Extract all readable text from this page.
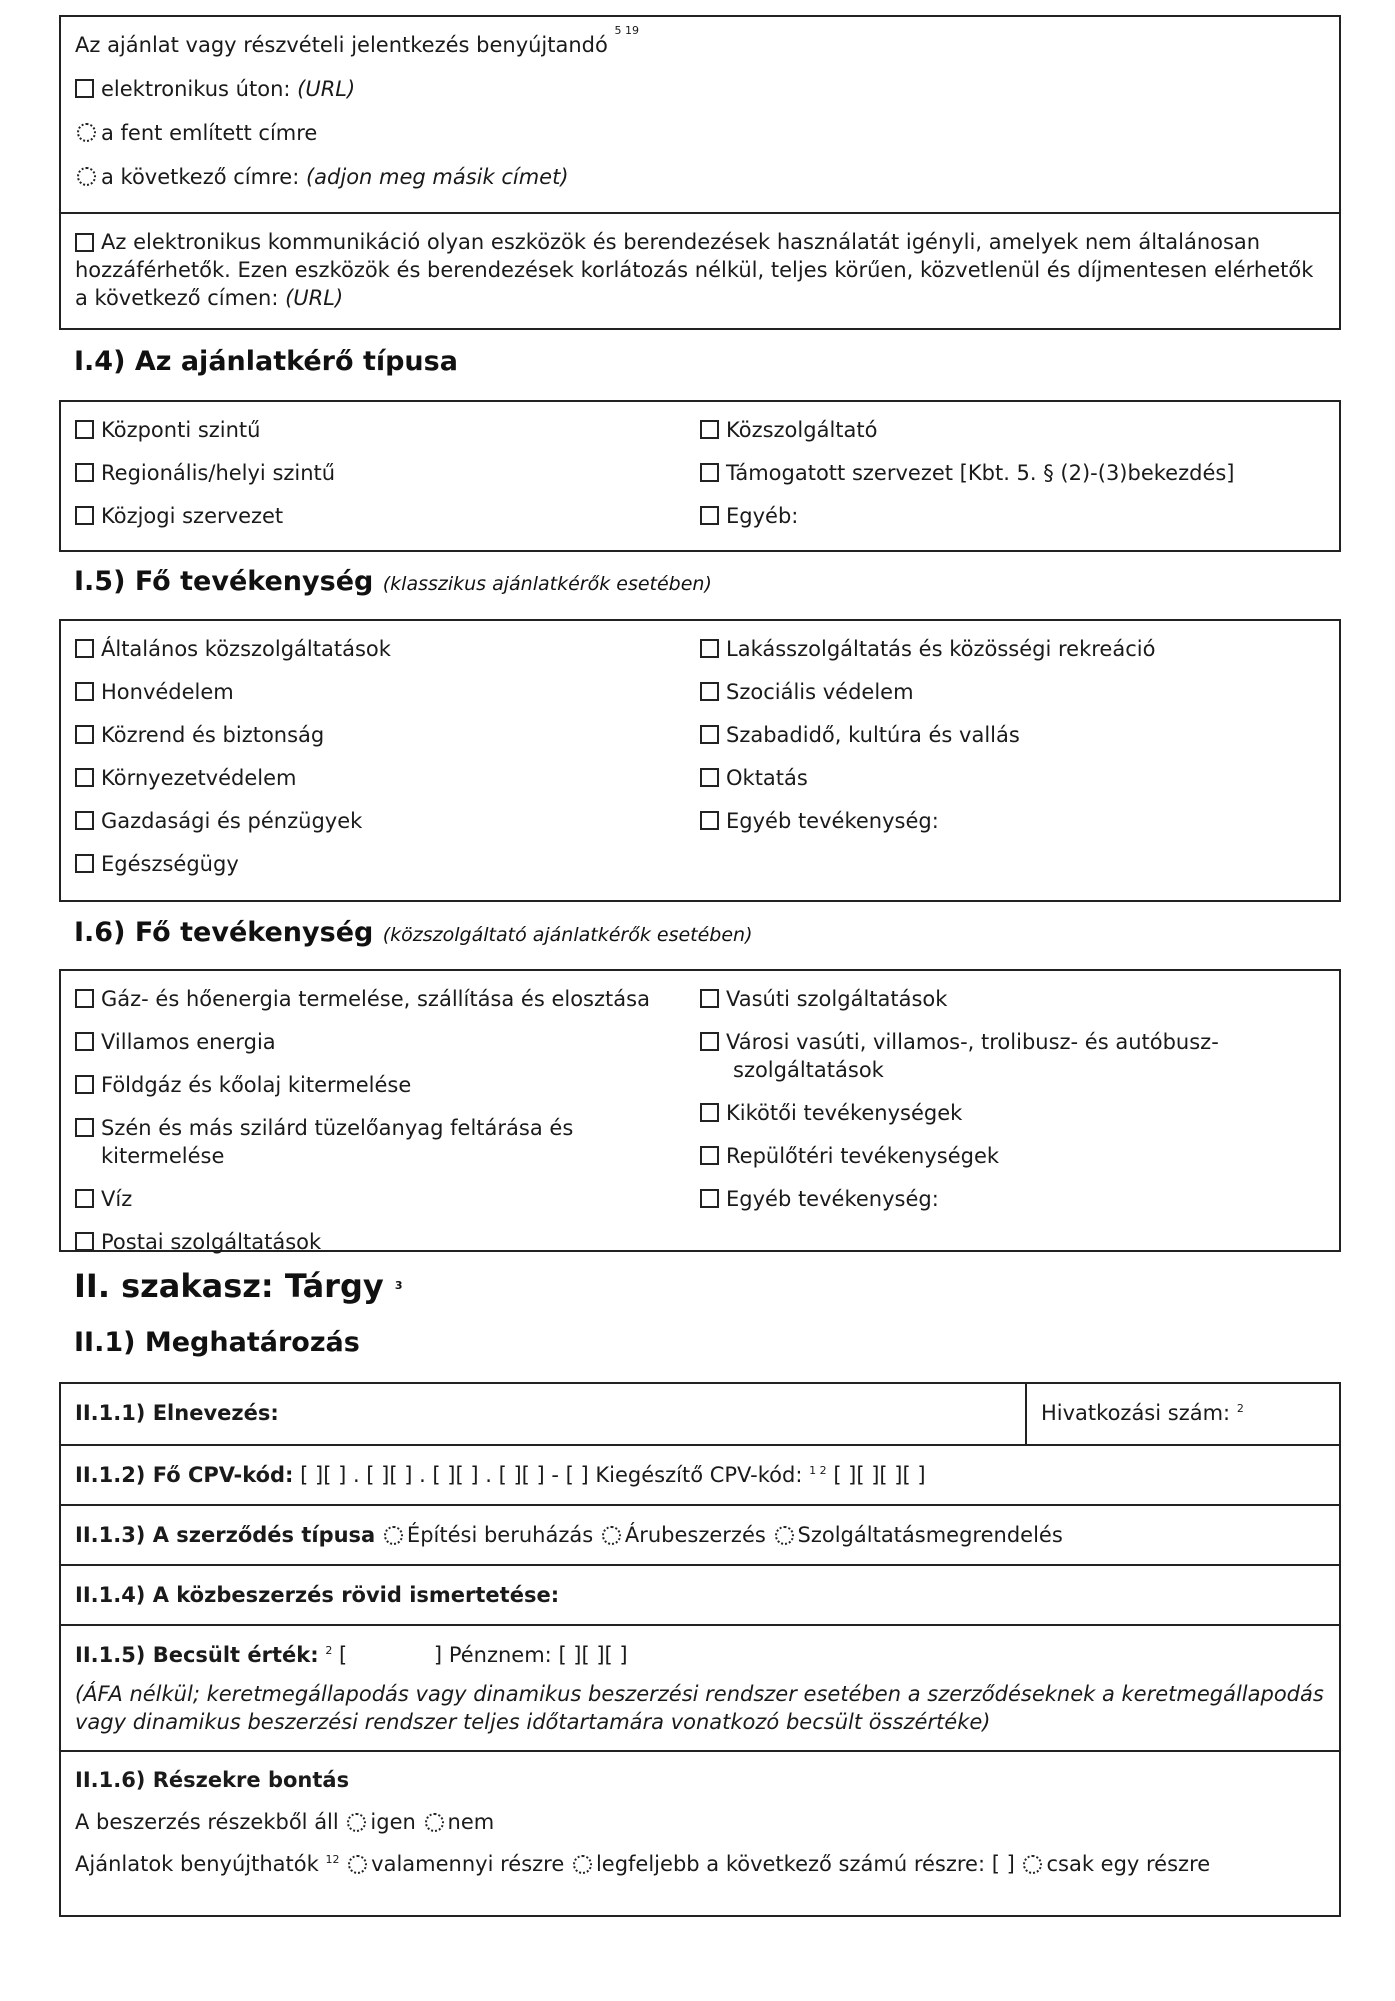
Az ajánlat vagy részvételi jelentkezés benyújtandó

5 19
elektronikus úton:
(URL)
a fent említett címre
a következő címre:
(adjon meg másik címet)
Az elektronikus kommunikáció olyan eszközök és berendezések használatát igényli, amelyek nem általánosan hozzáférhetők. Ezen eszközök és berendezések korlátozás nélkül, teljes körűen, közvetlenül és díjmentesen elérhetők a következő címen: (URL)
I.4) Az ajánlatkérő típusa
Központi szintű
Regionális/helyi szintű
Közjogi szervezet
Közszolgáltató
Támogatott szervezet [Kbt. 5. § (2)-(3)bekezdés]
Egyéb:
I.5) Fő tevékenység (klasszikus ajánlatkérők esetében)
Általános közszolgáltatások
Honvédelem
Közrend és biztonság
Környezetvédelem
Gazdasági és pénzügyek
Egészségügy
Lakásszolgáltatás és közösségi rekreáció
Szociális védelem
Szabadidő, kultúra és vallás
Oktatás
Egyéb tevékenység:
I.6) Fő tevékenység (közszolgáltató ajánlatkérők esetében)
Gáz- és hőenergia termelése, szállítása és elosztása
Villamos energia
Földgáz és kőolaj kitermelése
Szén és más szilárd tüzelőanyag feltárása és kitermelése
Víz
Postai szolgáltatások
Vasúti szolgáltatások
Városi vasúti, villamos-, trolibusz- és autóbusz-
szolgáltatások
Kikötői tevékenységek
Repülőtéri tevékenységek
Egyéb tevékenység:
II. szakasz: Tárgy $^3$
II.1) Meghatározás
II.1.1) Elnevezés:	Hivatkozási szám: $^2$
II.1.2) Fő CPV-kód: [ ][ ] . [ ][ ] . [ ][ ] . [ ][ ] - [ ] Kiegészítő CPV-kód: $^{1 2}$ [ ][ ][ ][ ]
II.1.3) A szerződés típusa Építési beruházás Árubeszerzés Szolgáltatásmegrendelés
II.1.4) A közbeszerzés rövid ismertetése:
II.1.5) Becsült érték: $^2$ [	] Pénznem: [ ][ ][ ]
(ÁFA nélkül; keretmegállapodás vagy dinamikus beszerzési rendszer esetében a szerződéseknek a keretmegállapodás vagy dinamikus beszerzési rendszer teljes időtartamára vonatkozó becsült összértéke)
II.1.6) Részekre bontás
A beszerzés részekből áll igen nem
Ajánlatok benyújthatók $^{12}$ valamennyi részre legfeljebb a következő számú részre: [ ] csak egy részre
